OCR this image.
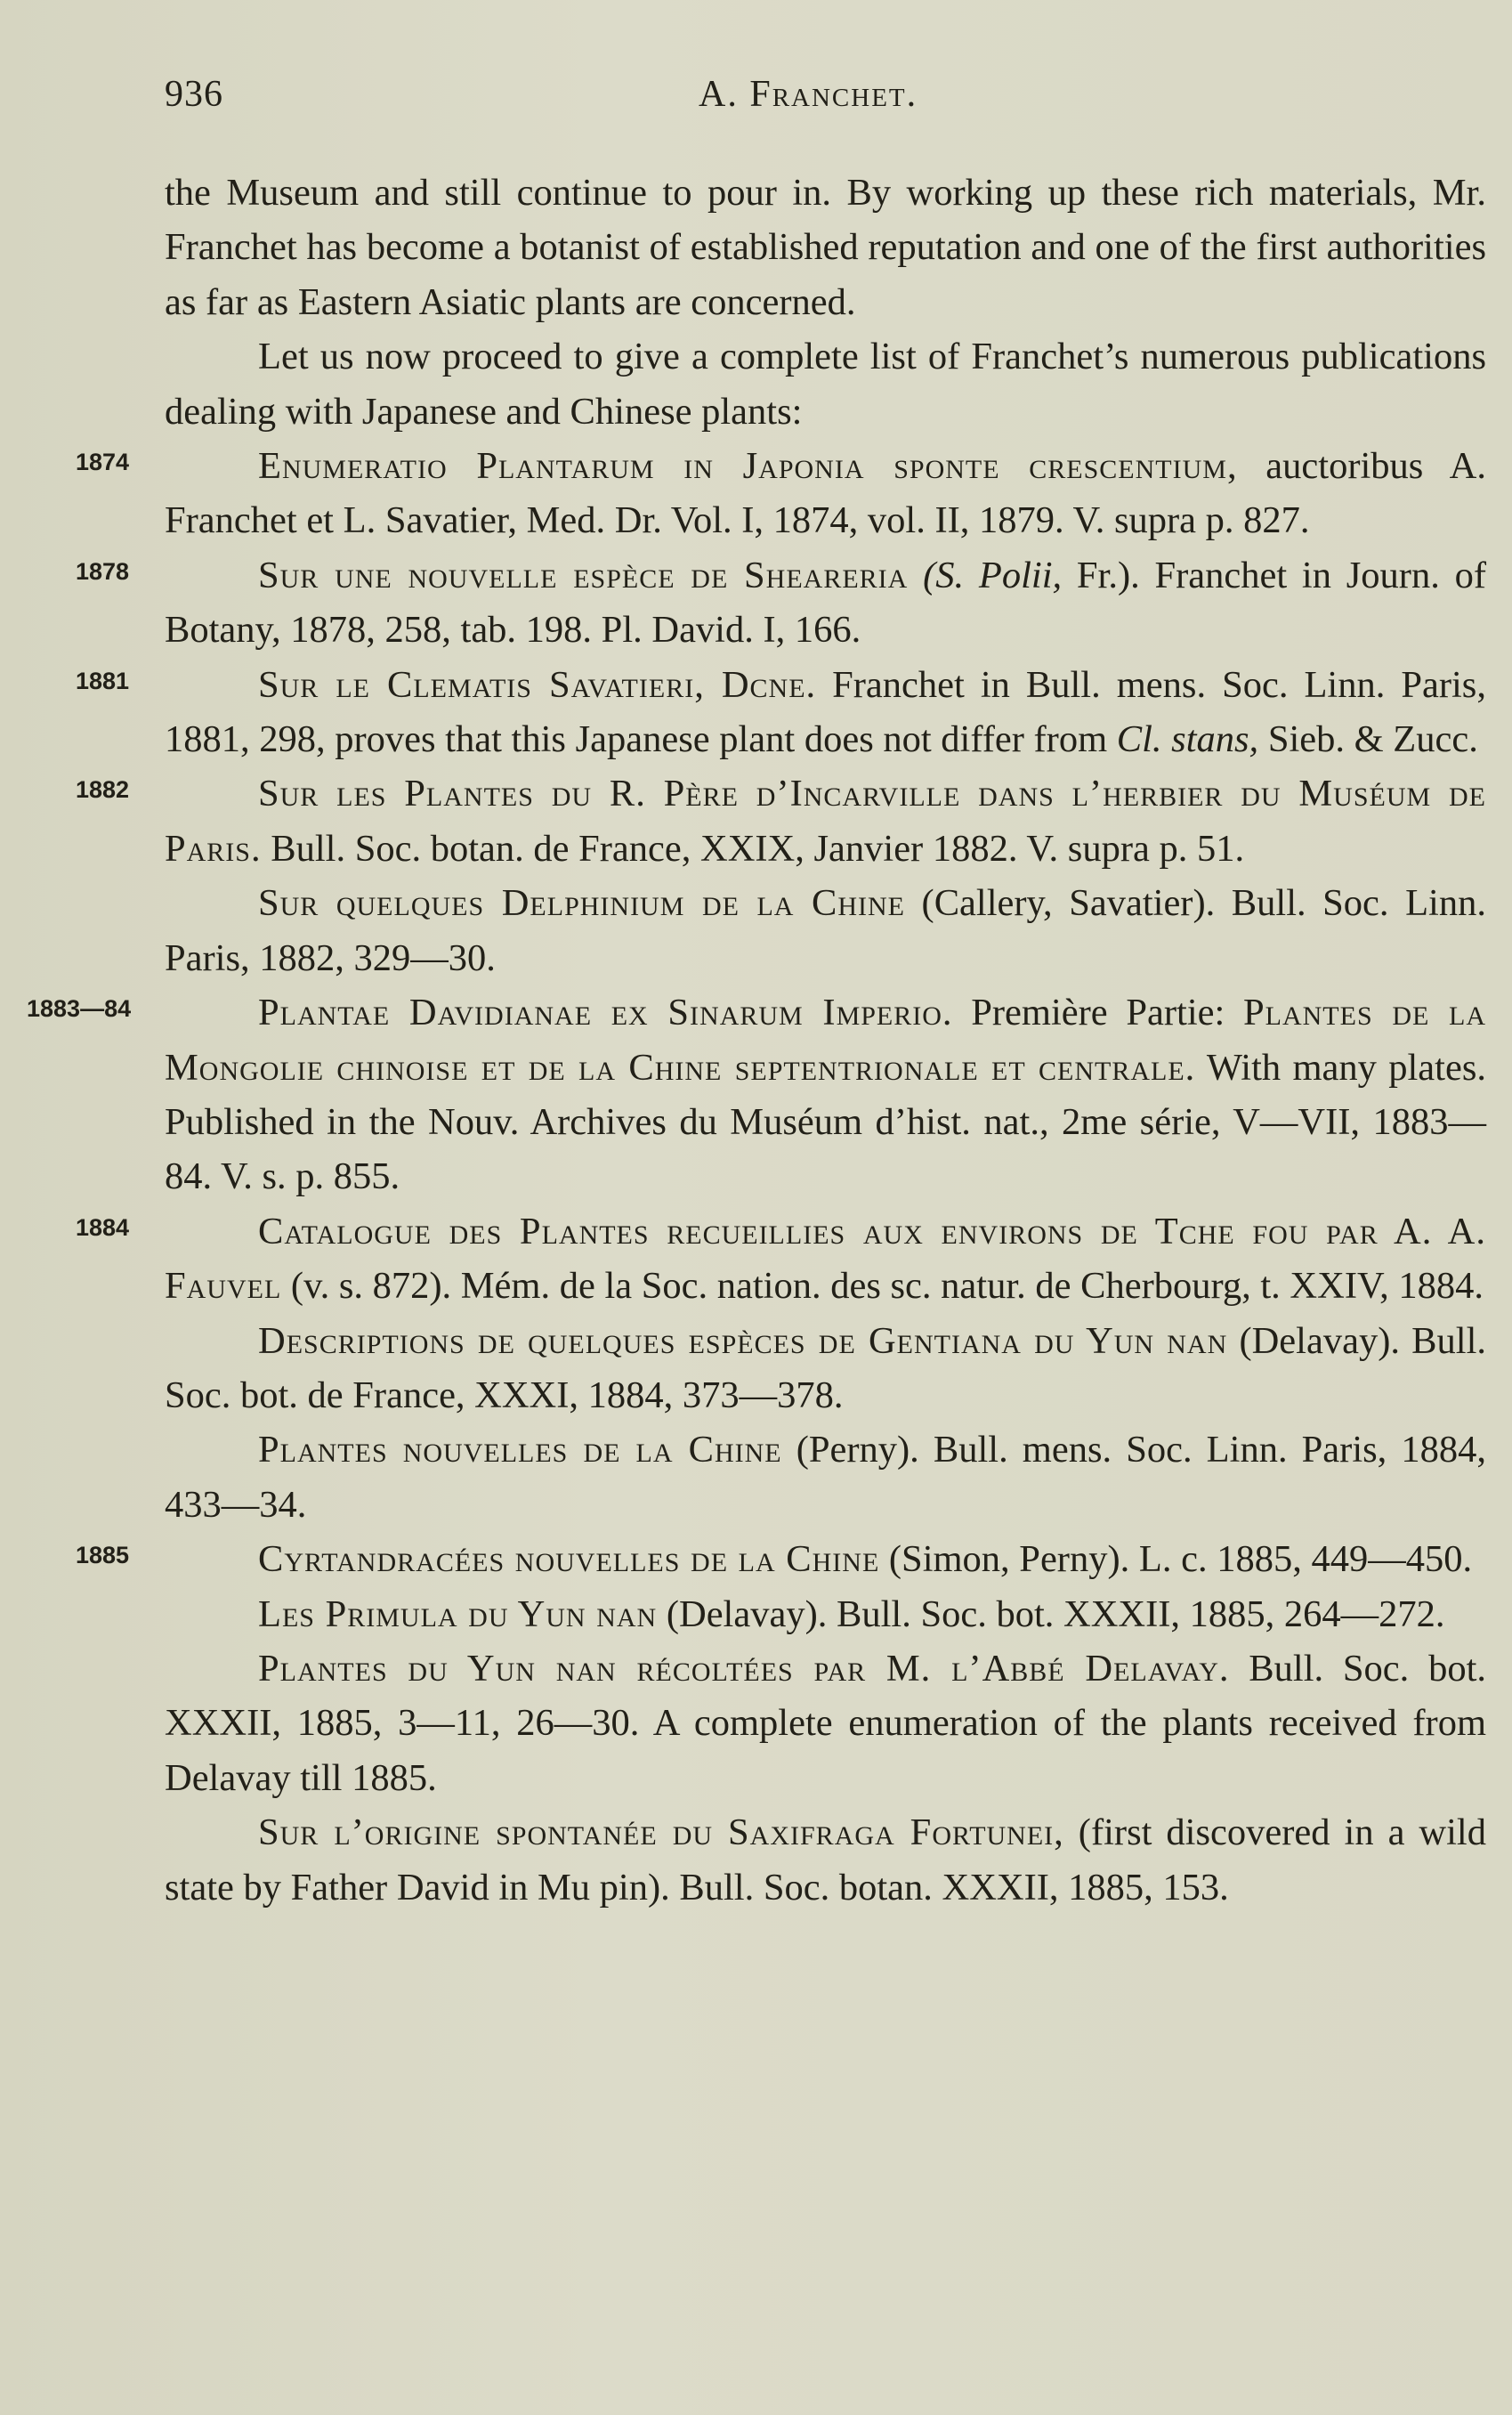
936	A. Franchet.

the Museum and still continue to pour in. By working up these rich materials, Mr. Franchet has become a botanist of established reputation and one of the first authorities as far as Eastern Asiatic plants are concerned.

Let us now proceed to give a complete list of Franchet’s numerous publications dealing with Japanese and Chinese plants:

1874	Enumeratio Plantarum in Japonia sponte crescentium, auctoribus A. Franchet et L. Savatier, Med. Dr. Vol. I, 1874, vol. II, 1879. V. supra p. 827.

1878	Sur une nouvelle espèce de Sheareria (S. Polii, Fr.). Franchet in Journ. of Botany, 1878, 258, tab. 198. Pl. David. I, 166.

1881	Sur le Clematis Savatieri, Dcne. Franchet in Bull. mens. Soc. Linn. Paris, 1881, 298, proves that this Japanese plant does not differ from Cl. stans, Sieb. & Zucc.

1882	Sur les Plantes du R. Père d’Incarville dans l’herbier du Muséum de Paris. Bull. Soc. botan. de France, XXIX, Janvier 1882. V. supra p. 51.

Sur quelques Delphinium de la Chine (Callery, Savatier). Bull. Soc. Linn. Paris, 1882, 329—30.

1883—84	Plantae Davidianae ex Sinarum Imperio. Première Partie: Plantes de la Mongolie chinoise et de la Chine septentrionale et centrale. With many plates. Published in the Nouv. Archives du Muséum d’hist. nat., 2me série, V—VII, 1883—84. V. s. p. 855.

1884	Catalogue des Plantes recueillies aux environs de Tche fou par A. A. Fauvel (v. s. 872). Mém. de la Soc. nation. des sc. natur. de Cherbourg, t. XXIV, 1884.

Descriptions de quelques espèces de Gentiana du Yun nan (Delavay). Bull. Soc. bot. de France, XXXI, 1884, 373—378.

Plantes nouvelles de la Chine (Perny). Bull. mens. Soc. Linn. Paris, 1884, 433—34.

1885	Cyrtandracées nouvelles de la Chine (Simon, Perny). L. c. 1885, 449—450.

Les Primula du Yun nan (Delavay). Bull. Soc. bot. XXXII, 1885, 264—272.

Plantes du Yun nan récoltées par M. l’Abbé Delavay. Bull. Soc. bot. XXXII, 1885, 3—11, 26—30. A complete enumeration of the plants received from Delavay till 1885.

Sur l’origine spontanée du Saxifraga Fortunei, (first discovered in a wild state by Father David in Mu pin). Bull. Soc. botan. XXXII, 1885, 153.
